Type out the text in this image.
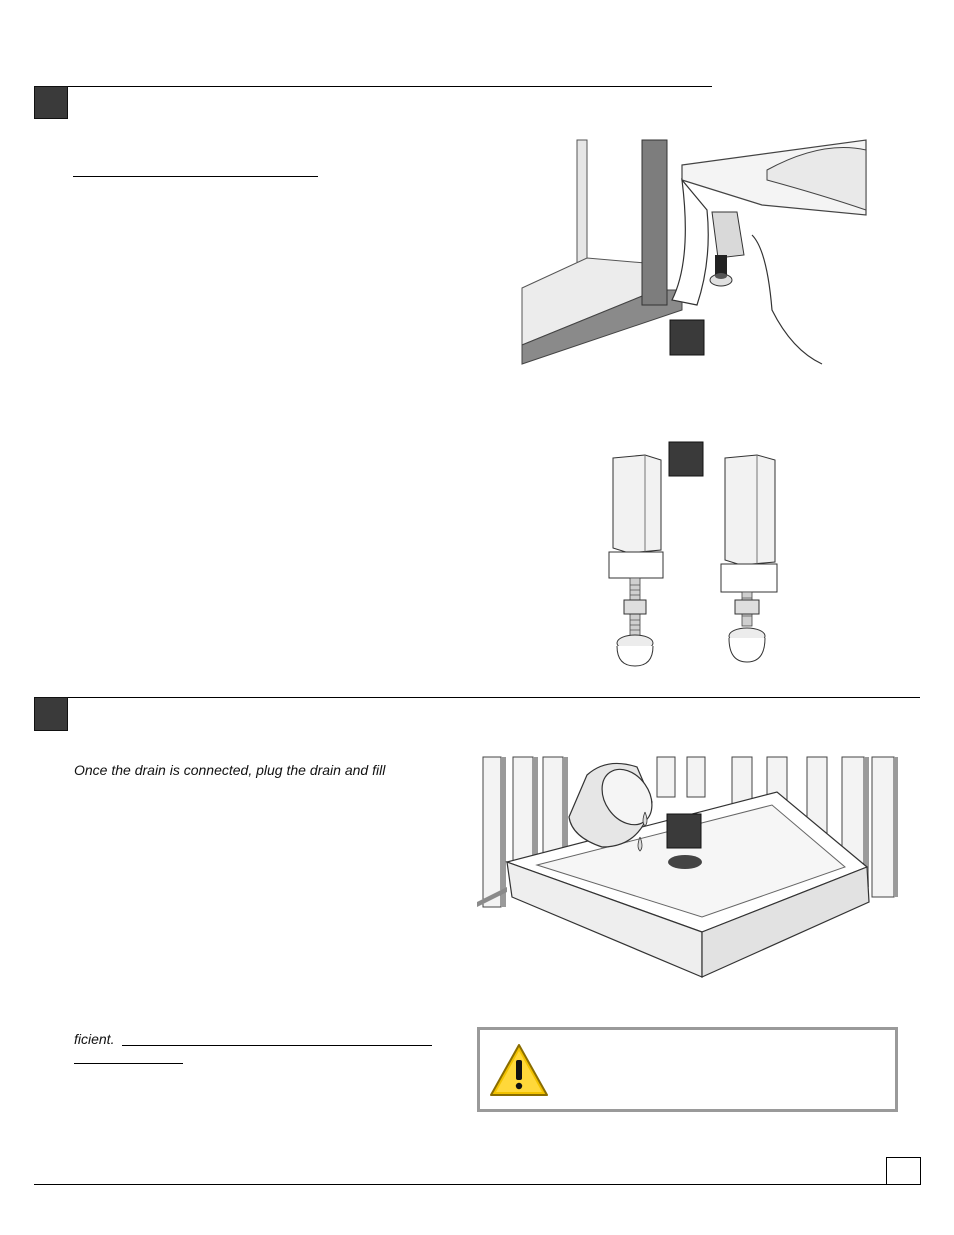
Once the drain is connected, plug the drain and fill
ficient.
